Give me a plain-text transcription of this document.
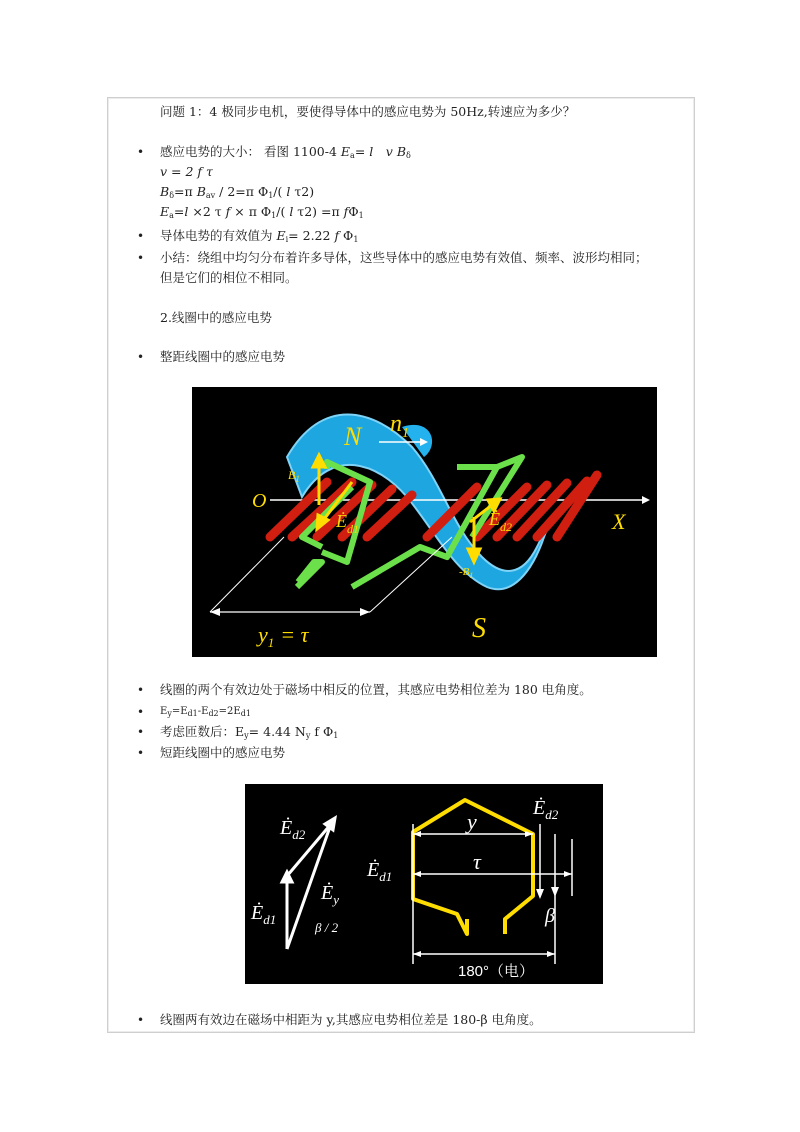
问题 1：4 极同步电机，要使得导体中的感应电势为 50Hz,转速应为多少？
• 感应电势的大小： 看图 1100-4 $E_a= l$　 v $B_\delta$
v = 2 f τ
$B_\delta=\pi$ $B_{av} / 2=\pi$ $\Phi_1/$( l τ2)
$E_a=l \times 2$ τ f × π $\Phi_1/$( l τ2) =π $f\Phi_1$
• 导体电势的有效值为 $E_i= 2.22$ f $\Phi_1$
• 小结：绕组中均匀分布着许多导体，这些导体中的感应电势有效值、频率、波形均相同；
但是它们的相位不相同。
2.线圈中的感应电势
• 整距线圈中的感应电势
N $n_1$
S
O
X
$B_1$
$-B_1$
$Ė_{d1}$	$Ė_{d2}$
$y_1 = \tau$
• 线圈的两个有效边处于磁场中相反的位置，其感应电势相位差为 180 电角度。
• $E_y=E_{d1}-E_{d2}=2E_{d1}$
• 考虑匝数后：$E_y= 4.44$ $N_y$ f $\Phi_1$
• 短距线圈中的感应电势
$Ė_{d2}$
$Ė_y$
$Ė_{d1}$
β / 2
y
τ
$Ė_{d1}$
$Ė_{d2}$
β
180°（电）
• 线圈两有效边在磁场中相距为 y,其感应电势相位差是 180-β 电角度。
